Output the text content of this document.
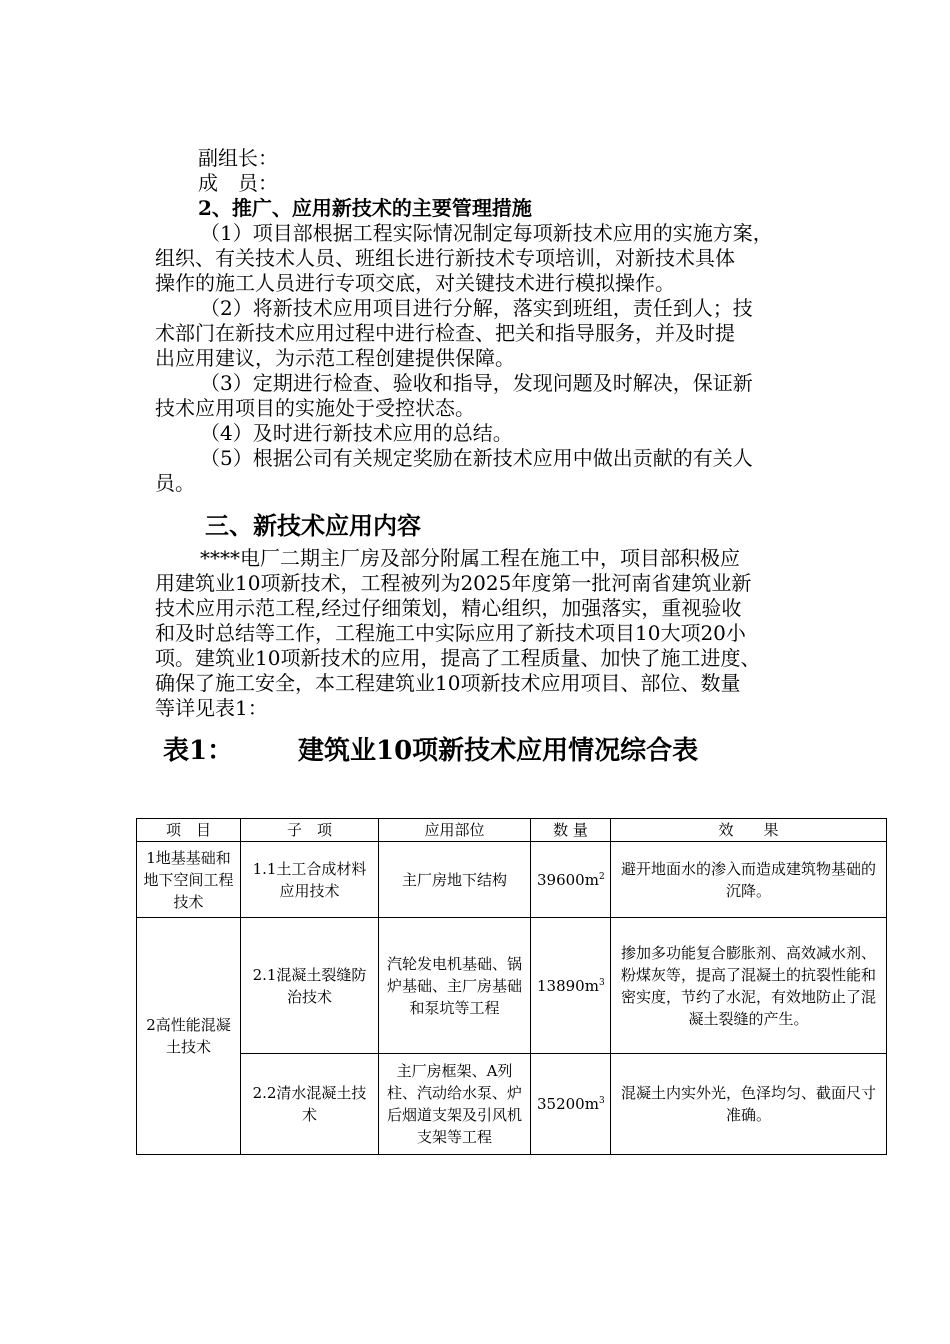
副组长：
成　员：
2、推广、应用新技术的主要管理措施
（1）项目部根据工程实际情况制定每项新技术应用的实施方案，
组织、有关技术人员、班组长进行新技术专项培训，对新技术具体
操作的施工人员进行专项交底，对关键技术进行模拟操作。
（2）将新技术应用项目进行分解，落实到班组，责任到人；技
术部门在新技术应用过程中进行检查、把关和指导服务，并及时提
出应用建议，为示范工程创建提供保障。
（3）定期进行检查、验收和指导，发现问题及时解决，保证新
技术应用项目的实施处于受控状态。
（4）及时进行新技术应用的总结。
（5）根据公司有关规定奖励在新技术应用中做出贡献的有关人
员。
三、新技术应用内容
****电厂二期主厂房及部分附属工程在施工中，项目部积极应
用建筑业10项新技术，工程被列为2025年度第一批河南省建筑业新
技术应用示范工程,经过仔细策划，精心组织，加强落实，重视验收
和及时总结等工作，工程施工中实际应用了新技术项目10大项20小
项。建筑业10项新技术的应用，提高了工程质量、加快了施工进度、
确保了施工安全，本工程建筑业10项新技术应用项目、部位、数量
等详见表1：
表1： 建筑业10项新技术应用情况综合表
项　目	子　项	应用部位	数 量	效　　果
1地基基础和地下空间工程技术	1.1土工合成材料应用技术	主厂房地下结构	$39600m^2$	避开地面水的渗入而造成建筑物基础的沉降。
2高性能混凝土技术	2.1混凝土裂缝防治技术	汽轮发电机基础、锅炉基础、主厂房基础和泵坑等工程	$13890m^3$	掺加多功能复合膨胀剂、高效减水剂、粉煤灰等，提高了混凝土的抗裂性能和密实度，节约了水泥，有效地防止了混凝土裂缝的产生。
	2.2清水混凝土技术	主厂房框架、A列柱、汽动给水泵、炉后烟道支架及引风机支架等工程	$35200m^3$	混凝土内实外光，色泽均匀、截面尺寸准确。
